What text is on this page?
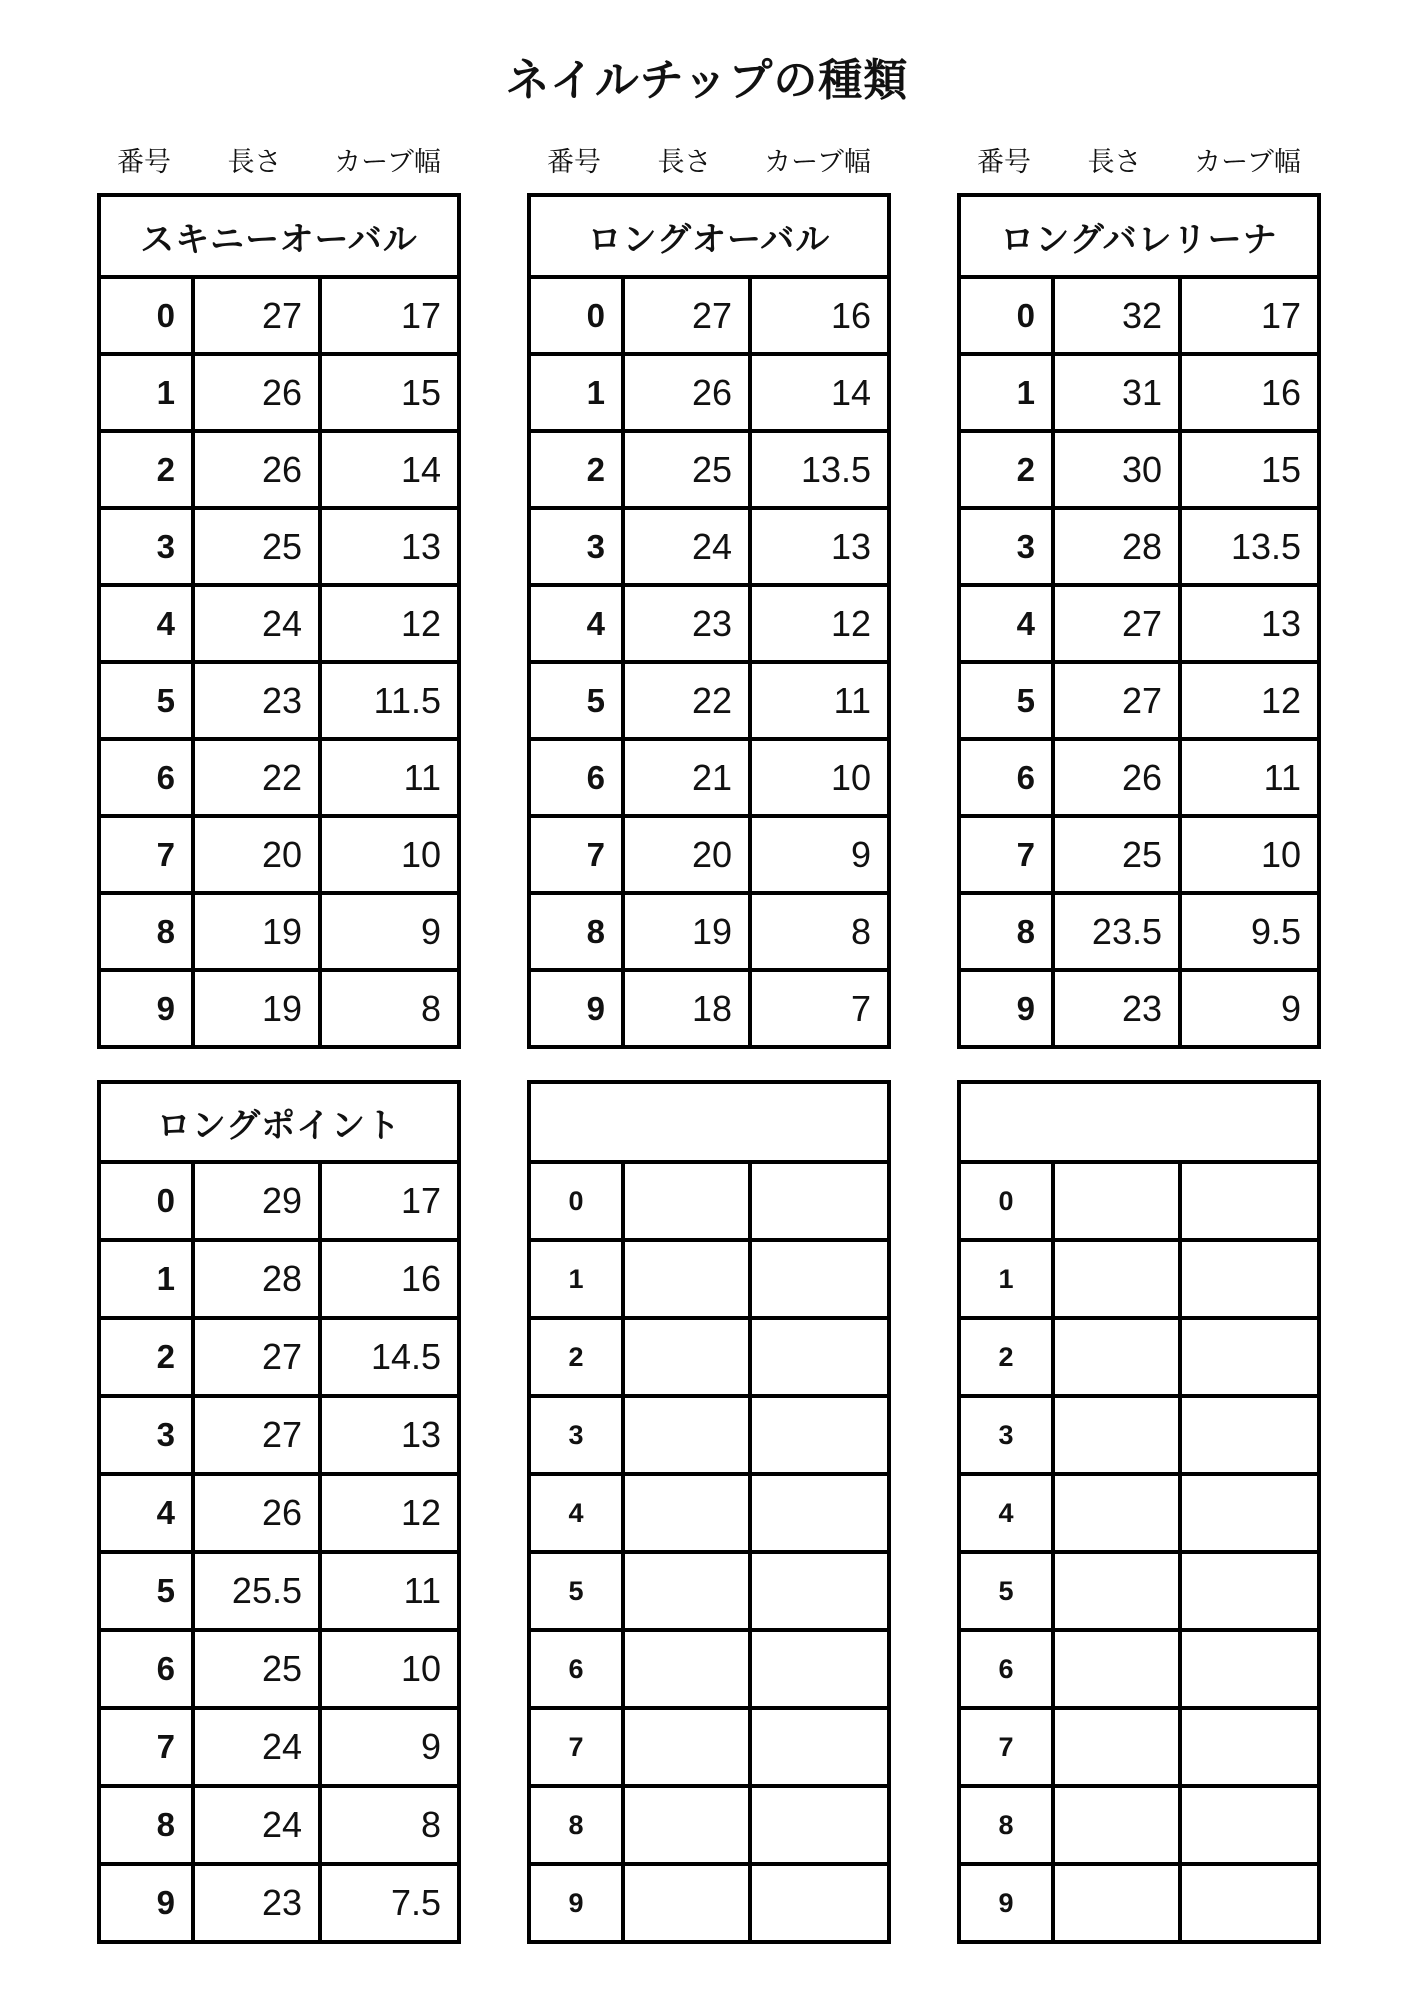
ネイルチップの種類
番号	長さ	カーブ幅
スキニーオーバル		
0	27	17
1	26	15
2	26	14
3	25	13
4	24	12
5	23	11.5
6	22	11
7	20	10
8	19	9
9	19	8
番号	長さ	カーブ幅
ロングオーバル		
0	27	16
1	26	14
2	25	13.5
3	24	13
4	23	12
5	22	11
6	21	10
7	20	9
8	19	8
9	18	7
番号	長さ	カーブ幅
ロングバレリーナ		
0	32	17
1	31	16
2	30	15
3	28	13.5
4	27	13
5	27	12
6	26	11
7	25	10
8	23.5	9.5
9	23	9
ロングポイント		
0	29	17
1	28	16
2	27	14.5
3	27	13
4	26	12
5	25.5	11
6	25	10
7	24	9
8	24	8
9	23	7.5

0		
1		
2		
3		
4		
5		
6		
7		
8		
9		

0		
1		
2		
3		
4		
5		
6		
7		
8		
9		
